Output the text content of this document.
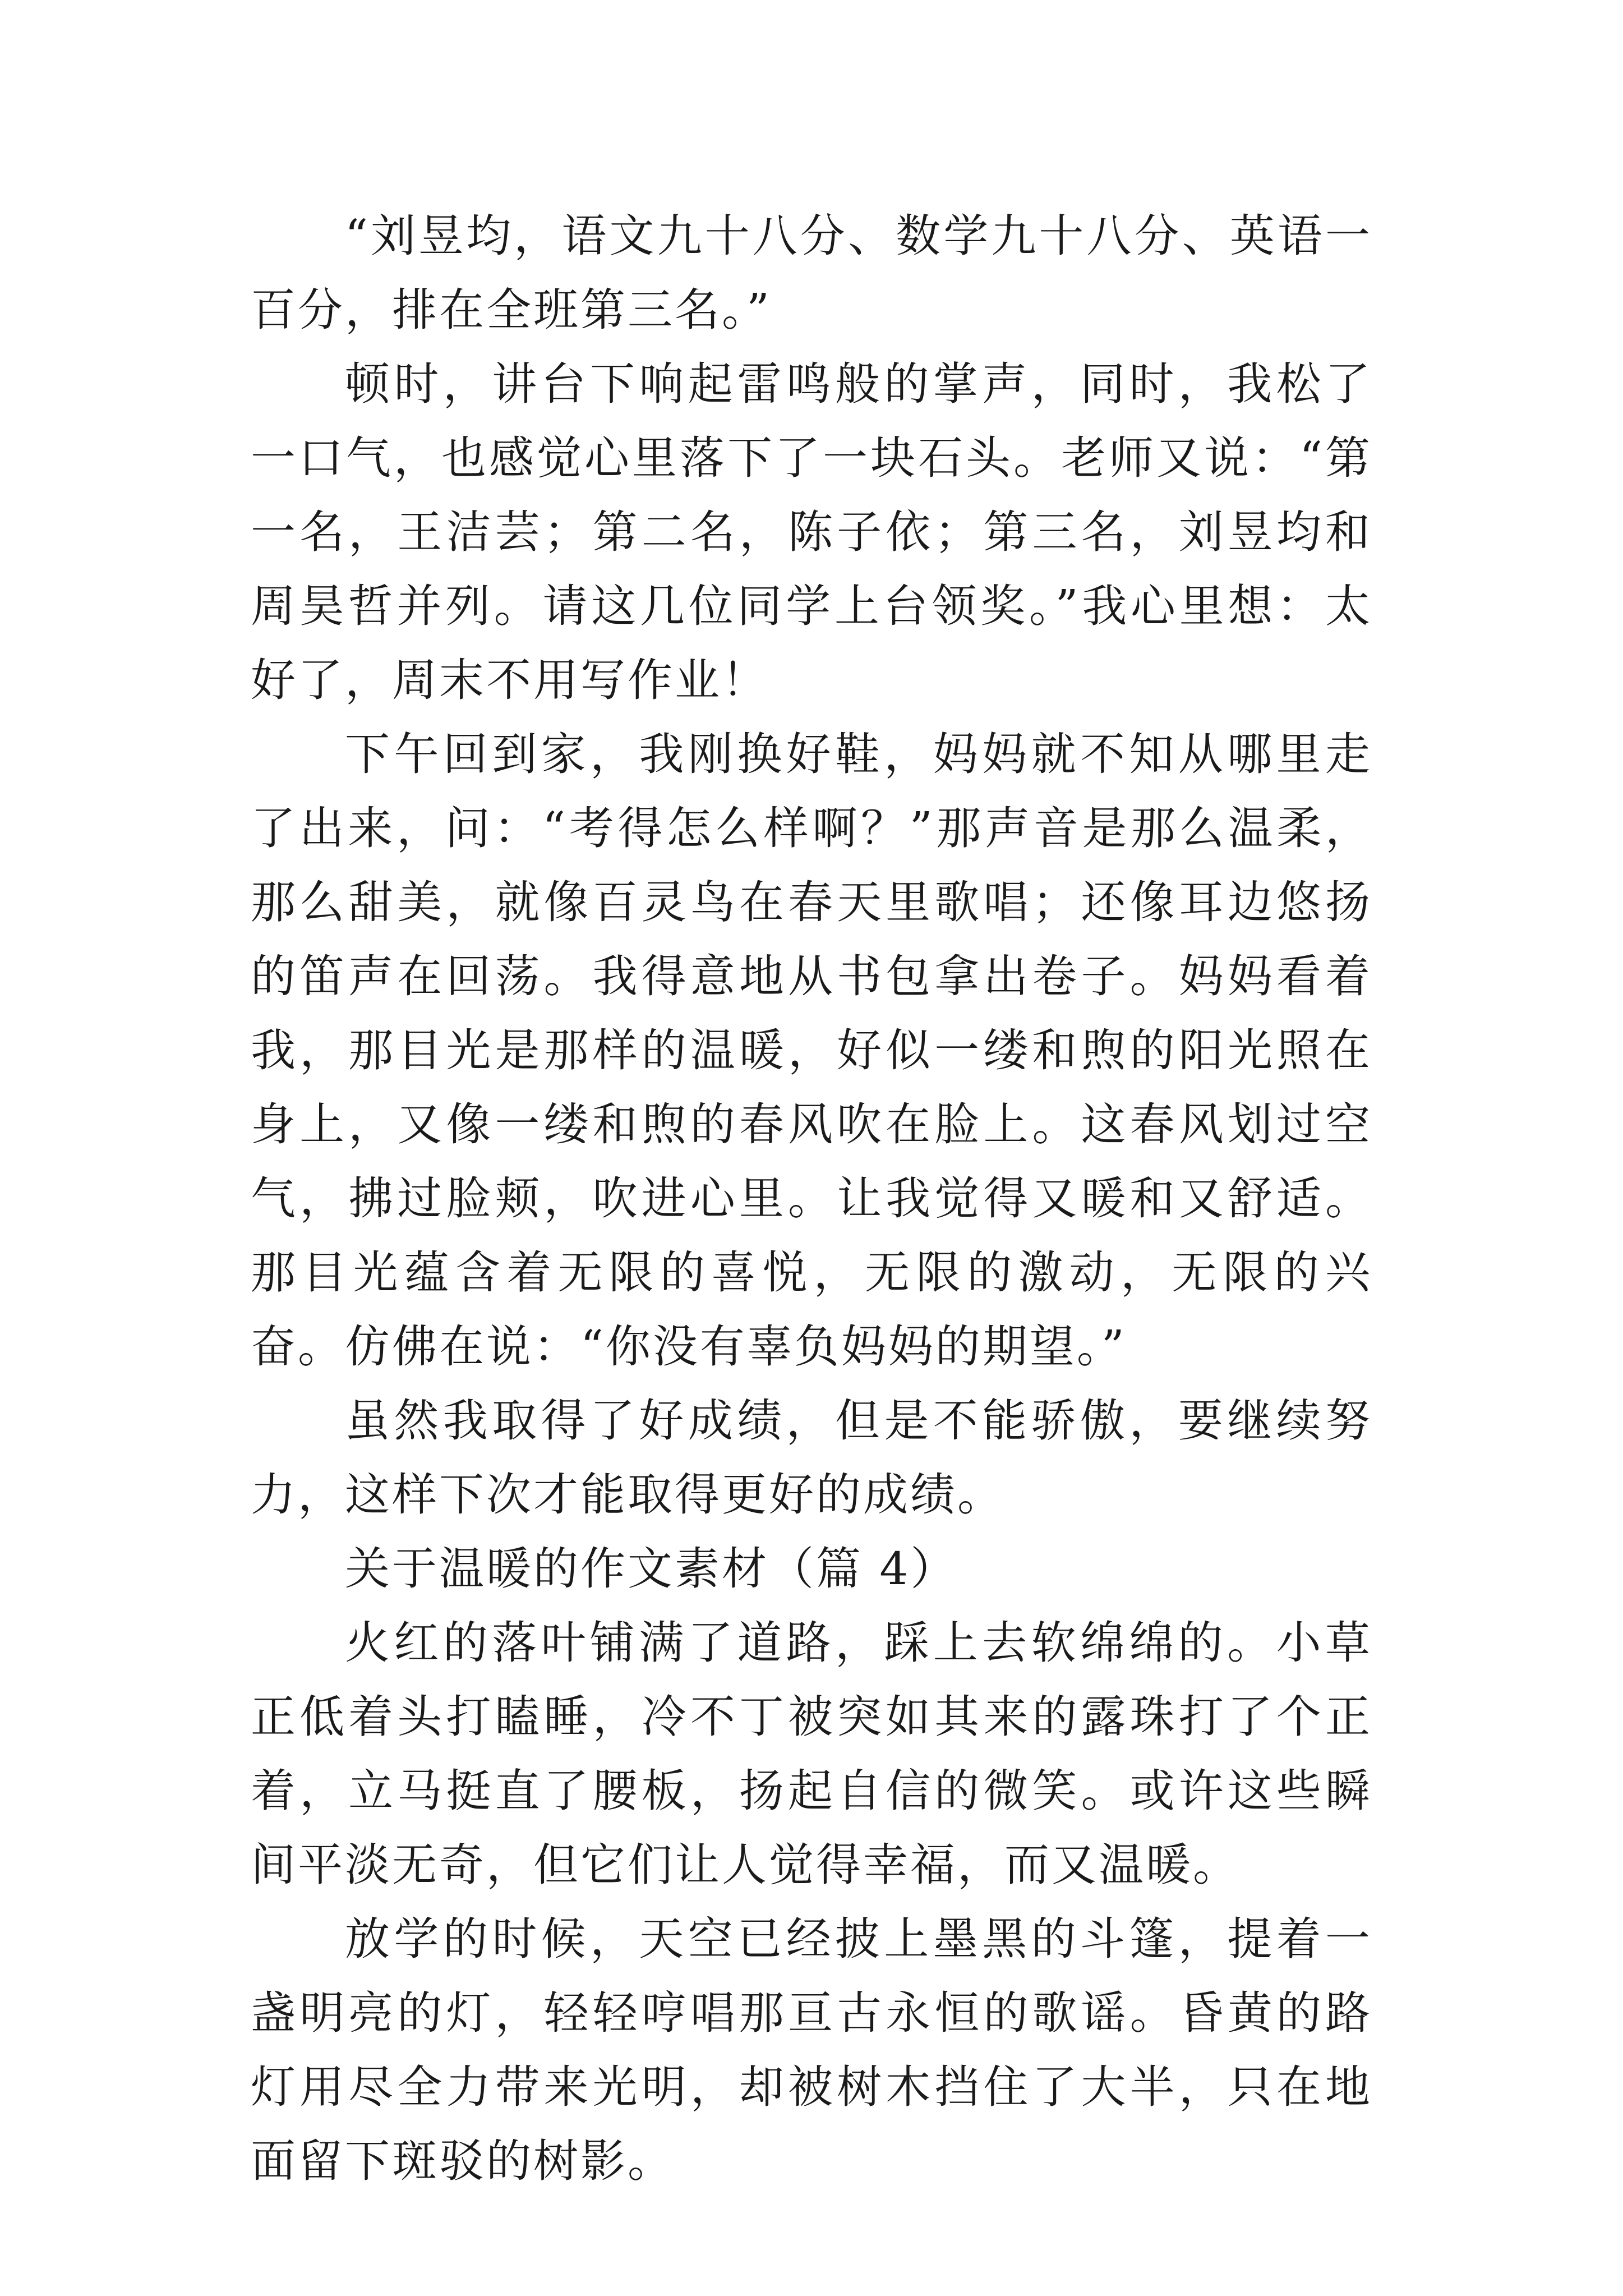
“刘昱均，语文九十八分、数学九十八分、英语一百分，排在全班第三名。”

顿时，讲台下响起雷鸣般的掌声，同时，我松了一口气，也感觉心里落下了一块石头。老师又说：“第一名，王洁芸；第二名，陈子依；第三名，刘昱均和周昊哲并列。请这几位同学上台领奖。”我心里想：太好了，周末不用写作业！

下午回到家，我刚换好鞋，妈妈就不知从哪里走了出来，问：“考得怎么样啊？”那声音是那么温柔，那么甜美，就像百灵鸟在春天里歌唱；还像耳边悠扬的笛声在回荡。我得意地从书包拿出卷子。妈妈看着我，那目光是那样的温暖，好似一缕和煦的阳光照在身上，又像一缕和煦的春风吹在脸上。这春风划过空气，拂过脸颊，吹进心里。让我觉得又暖和又舒适。那目光蕴含着无限的喜悦，无限的激动，无限的兴奋。仿佛在说：“你没有辜负妈妈的期望。”

虽然我取得了好成绩，但是不能骄傲，要继续努力，这样下次才能取得更好的成绩。

关于温暖的作文素材（篇 4）

火红的落叶铺满了道路，踩上去软绵绵的。小草正低着头打瞌睡，冷不丁被突如其来的露珠打了个正着，立马挺直了腰板，扬起自信的微笑。或许这些瞬间平淡无奇，但它们让人觉得幸福，而又温暖。

放学的时候，天空已经披上墨黑的斗篷，提着一盏明亮的灯，轻轻哼唱那亘古永恒的歌谣。昏黄的路灯用尽全力带来光明，却被树木挡住了大半，只在地面留下斑驳的树影。
